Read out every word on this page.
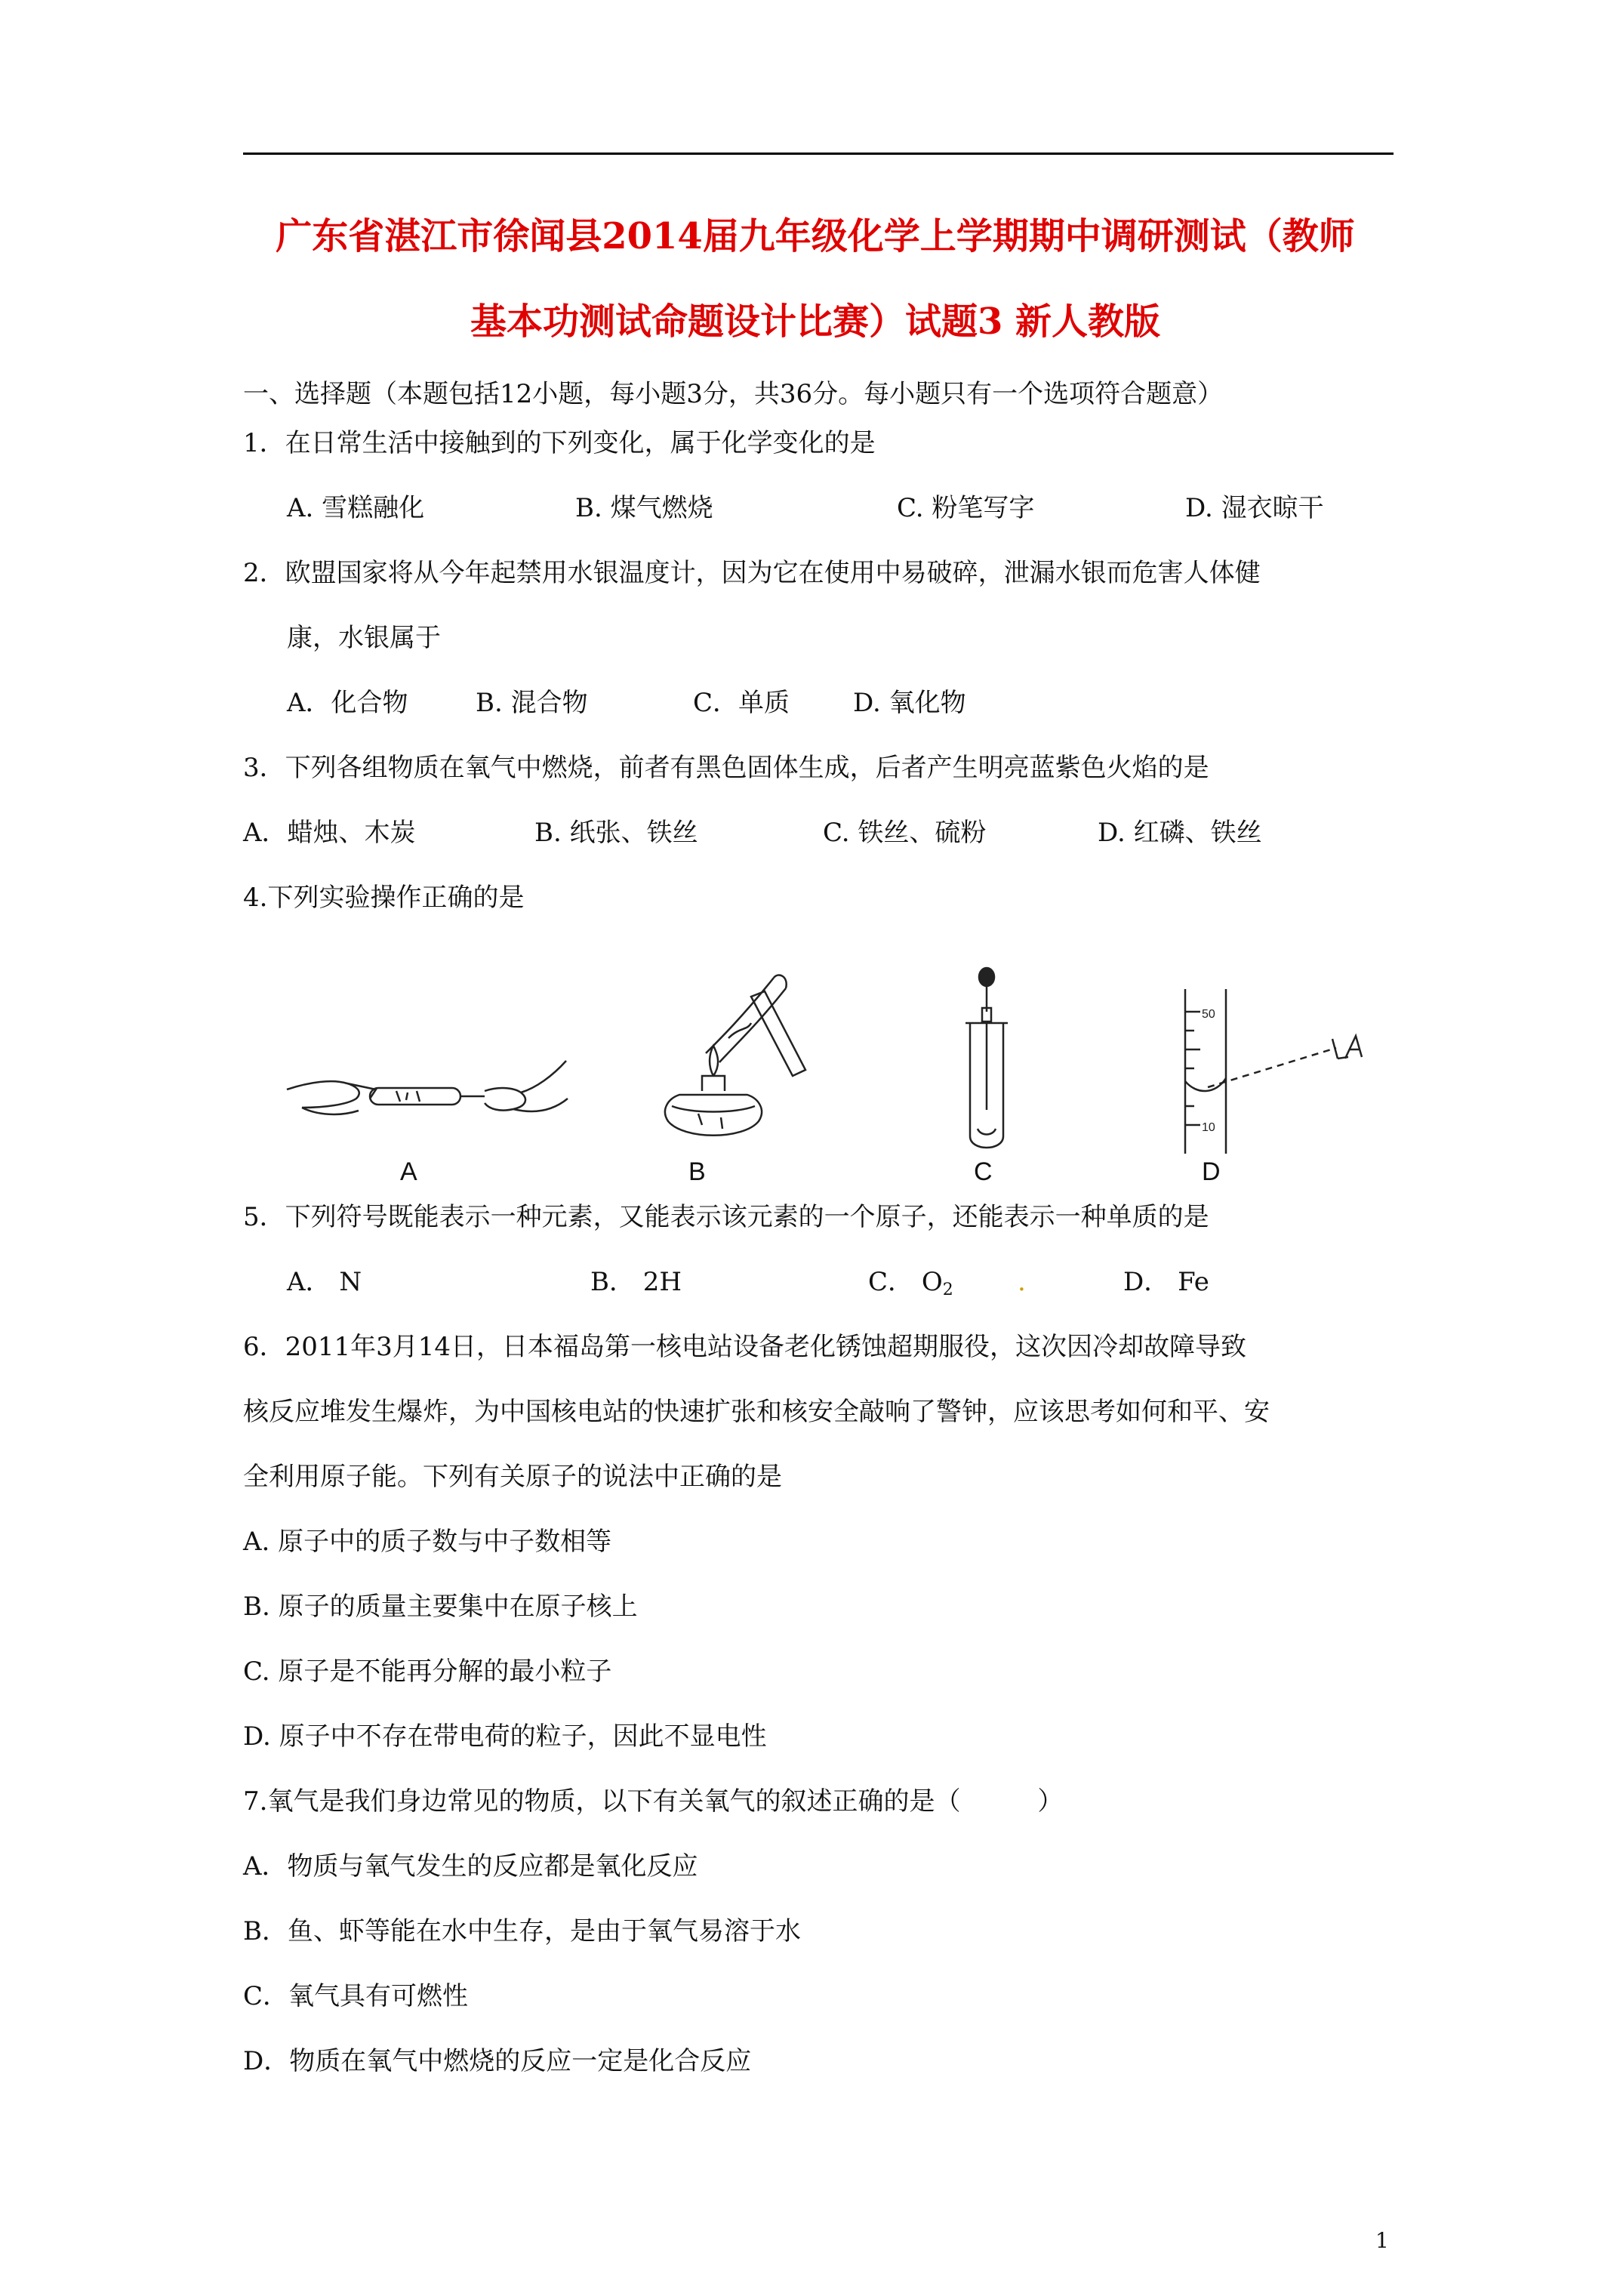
广东省湛江市徐闻县2014届九年级化学上学期期中调研测试（教师
基本功测试命题设计比赛）试题3 新人教版
一、选择题（本题包括12小题，每小题3分，共36分。每小题只有一个选项符合题意）
1．在日常生活中接触到的下列变化，属于化学变化的是
A. 雪糕融化	B. 煤气燃烧	C. 粉笔写字	D. 湿衣晾干
2．欧盟国家将从今年起禁用水银温度计，因为它在使用中易破碎，泄漏水银而危害人体健
康，水银属于
A．化合物	B. 混合物	C．单质 D. 氧化物
3．下列各组物质在氧气中燃烧，前者有黑色固体生成，后者产生明亮蓝紫色火焰的是
A．蜡烛、木炭	B. 纸张、铁丝	C. 铁丝、硫粉	D. 红磷、铁丝
4.下列实验操作正确的是
50
10
A	B	C	D
5．下列符号既能表示一种元素，又能表示该元素的一个原子，还能表示一种单质的是
A． N	B． 2H	C． $O_2$	.	D． Fe
6．2011年3月14日，日本福岛第一核电站设备老化锈蚀超期服役，这次因冷却故障导致
核反应堆发生爆炸，为中国核电站的快速扩张和核安全敲响了警钟，应该思考如何和平、安
全利用原子能。下列有关原子的说法中正确的是
A. 原子中的质子数与中子数相等
B. 原子的质量主要集中在原子核上
C. 原子是不能再分解的最小粒子
D. 原子中不存在带电荷的粒子，因此不显电性
7.氧气是我们身边常见的物质，以下有关氧气的叙述正确的是（　　　）
A．物质与氧气发生的反应都是氧化反应
B．鱼、虾等能在水中生存，是由于氧气易溶于水
C．氧气具有可燃性
D．物质在氧气中燃烧的反应一定是化合反应
1
